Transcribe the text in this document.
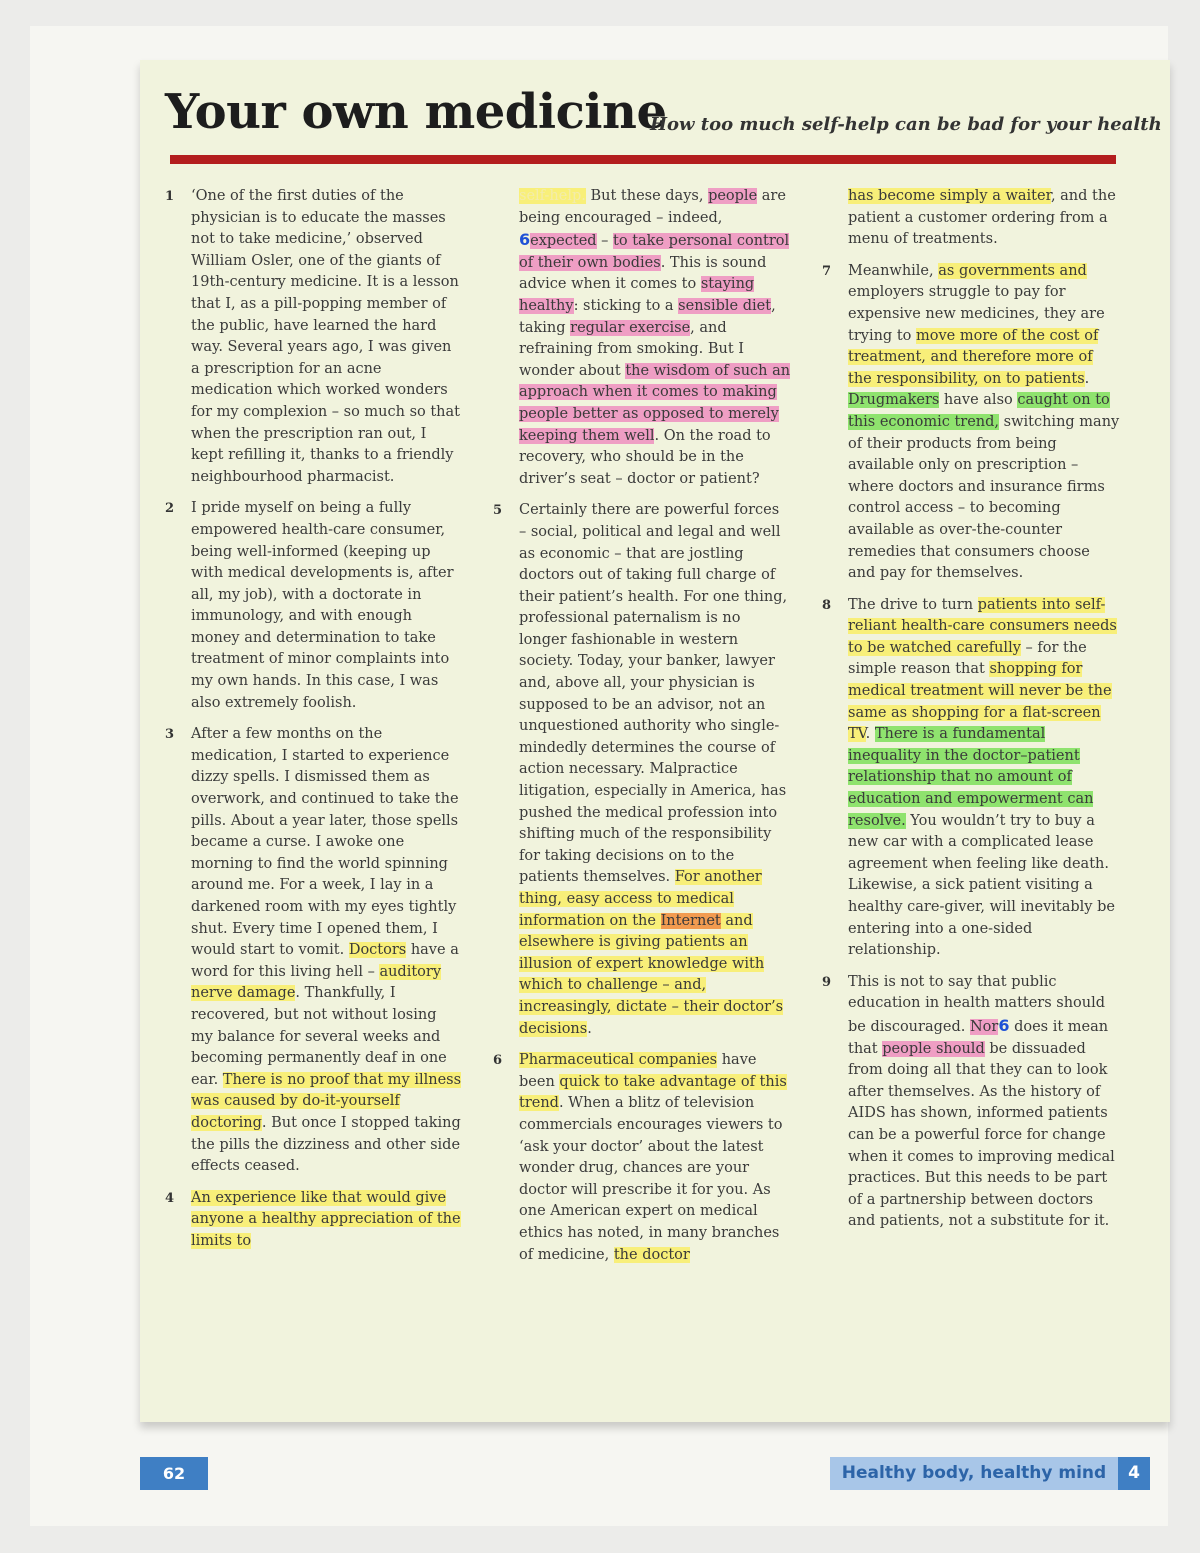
Your own medicine
How too much self-help can be bad for your health

1 ‘One of the first duties of the physician is to educate the masses not to take medicine,’ observed William Osler, one of the giants of 19th-century medicine. It is a lesson that I, as a pill-popping member of the public, have learned the hard way. Several years ago, I was given a prescription for an acne medication which worked wonders for my complexion – so much so that when the prescription ran out, I kept refilling it, thanks to a friendly neighbourhood pharmacist.

2 I pride myself on being a fully empowered health-care consumer, being well-informed (keeping up with medical developments is, after all, my job), with a doctorate in immunology, and with enough money and determination to take treatment of minor complaints into my own hands. In this case, I was also extremely foolish.

3 After a few months on the medication, I started to experience dizzy spells. I dismissed them as overwork, and continued to take the pills. About a year later, those spells became a curse. I awoke one morning to find the world spinning around me. For a week, I lay in a darkened room with my eyes tightly shut. Every time I opened them, I would start to vomit. Doctors have a word for this living hell – auditory nerve damage. Thankfully, I recovered, but not without losing my balance for several weeks and becoming permanently deaf in one ear. There is no proof that my illness was caused by do-it-yourself doctoring. But once I stopped taking the pills the dizziness and other side effects ceased.

4 An experience like that would give anyone a healthy appreciation of the limits to

self-help. But these days, people are being encouraged – indeed, 6expected – to take personal control of their own bodies. This is sound advice when it comes to staying healthy: sticking to a sensible diet, taking regular exercise, and refraining from smoking. But I wonder about the wisdom of such an approach when it comes to making people better as opposed to merely keeping them well. On the road to recovery, who should be in the driver’s seat – doctor or patient?

5 Certainly there are powerful forces – social, political and legal and well as economic – that are jostling doctors out of taking full charge of their patient’s health. For one thing, professional paternalism is no longer fashionable in western society. Today, your banker, lawyer and, above all, your physician is supposed to be an advisor, not an unquestioned authority who single-mindedly determines the course of action necessary. Malpractice litigation, especially in America, has pushed the medical profession into shifting much of the responsibility for taking decisions on to the patients themselves. For another thing, easy access to medical information on the Internet and elsewhere is giving patients an illusion of expert knowledge with which to challenge – and, increasingly, dictate – their doctor’s decisions.

6 Pharmaceutical companies have been quick to take advantage of this trend. When a blitz of television commercials encourages viewers to ‘ask your doctor’ about the latest wonder drug, chances are your doctor will prescribe it for you. As one American expert on medical ethics has noted, in many branches of medicine, the doctor

has become simply a waiter, and the patient a customer ordering from a menu of treatments.

7 Meanwhile, as governments and employers struggle to pay for expensive new medicines, they are trying to move more of the cost of treatment, and therefore more of the responsibility, on to patients. Drugmakers have also caught on to this economic trend, switching many of their products from being available only on prescription – where doctors and insurance firms control access – to becoming available as over-the-counter remedies that consumers choose and pay for themselves.

8 The drive to turn patients into self-reliant health-care consumers needs to be watched carefully – for the simple reason that shopping for medical treatment will never be the same as shopping for a flat-screen TV. There is a fundamental inequality in the doctor–patient relationship that no amount of education and empowerment can resolve. You wouldn’t try to buy a new car with a complicated lease agreement when feeling like death. Likewise, a sick patient visiting a healthy care-giver, will inevitably be entering into a one-sided relationship.

9 This is not to say that public education in health matters should be discouraged. Nor6 does it mean that people should be dissuaded from doing all that they can to look after themselves. As the history of AIDS has shown, informed patients can be a powerful force for change when it comes to improving medical practices. But this needs to be part of a partnership between doctors and patients, not a substitute for it.

62	Healthy body, healthy mind	4
